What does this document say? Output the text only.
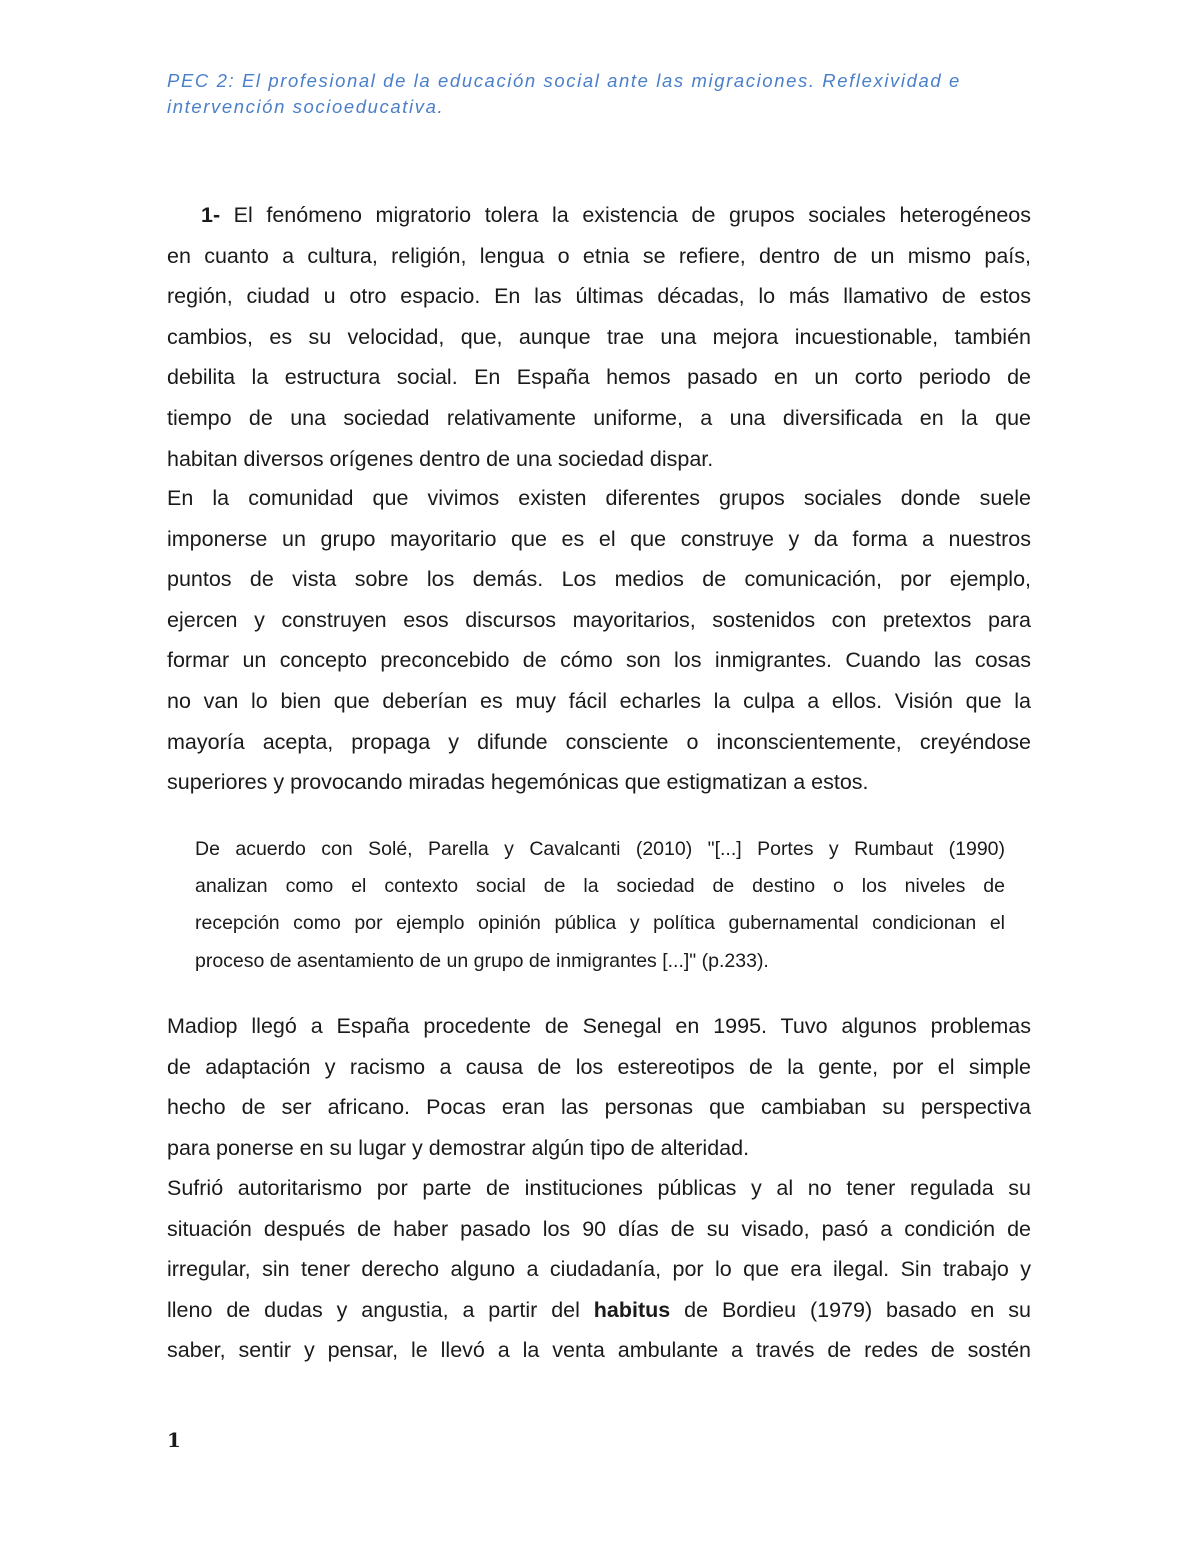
PEC 2: El profesional de la educación social ante las migraciones. Reflexividad e
intervención socioeducativa.
1- El fenómeno migratorio tolera la existencia de grupos sociales heterogéneos
en cuanto a cultura, religión, lengua o etnia se refiere, dentro de un mismo país,
región, ciudad u otro espacio. En las últimas décadas, lo más llamativo de estos
cambios, es su velocidad, que, aunque trae una mejora incuestionable, también
debilita la estructura social. En España hemos pasado en un corto periodo de
tiempo de una sociedad relativamente uniforme, a una diversificada en la que
habitan diversos orígenes dentro de una sociedad dispar.
En la comunidad que vivimos existen diferentes grupos sociales donde suele
imponerse un grupo mayoritario que es el que construye y da forma a nuestros
puntos de vista sobre los demás. Los medios de comunicación, por ejemplo,
ejercen y construyen esos discursos mayoritarios, sostenidos con pretextos para
formar un concepto preconcebido de cómo son los inmigrantes. Cuando las cosas
no van lo bien que deberían es muy fácil echarles la culpa a ellos. Visión que la
mayoría acepta, propaga y difunde consciente o inconscientemente, creyéndose
superiores y provocando miradas hegemónicas que estigmatizan a estos.
De acuerdo con Solé, Parella y Cavalcanti (2010) "[...] Portes y Rumbaut (1990)
analizan como el contexto social de la sociedad de destino o los niveles de
recepción como por ejemplo opinión pública y política gubernamental condicionan el
proceso de asentamiento de un grupo de inmigrantes [...]" (p.233).
Madiop llegó a España procedente de Senegal en 1995. Tuvo algunos problemas
de adaptación y racismo a causa de los estereotipos de la gente, por el simple
hecho de ser africano. Pocas eran las personas que cambiaban su perspectiva
para ponerse en su lugar y demostrar algún tipo de alteridad.
Sufrió autoritarismo por parte de instituciones públicas y al no tener regulada su
situación después de haber pasado los 90 días de su visado, pasó a condición de
irregular, sin tener derecho alguno a ciudadanía, por lo que era ilegal. Sin trabajo y
lleno de dudas y angustia, a partir del habitus de Bordieu (1979) basado en su
saber, sentir y pensar, le llevó a la venta ambulante a través de redes de sostén
1
